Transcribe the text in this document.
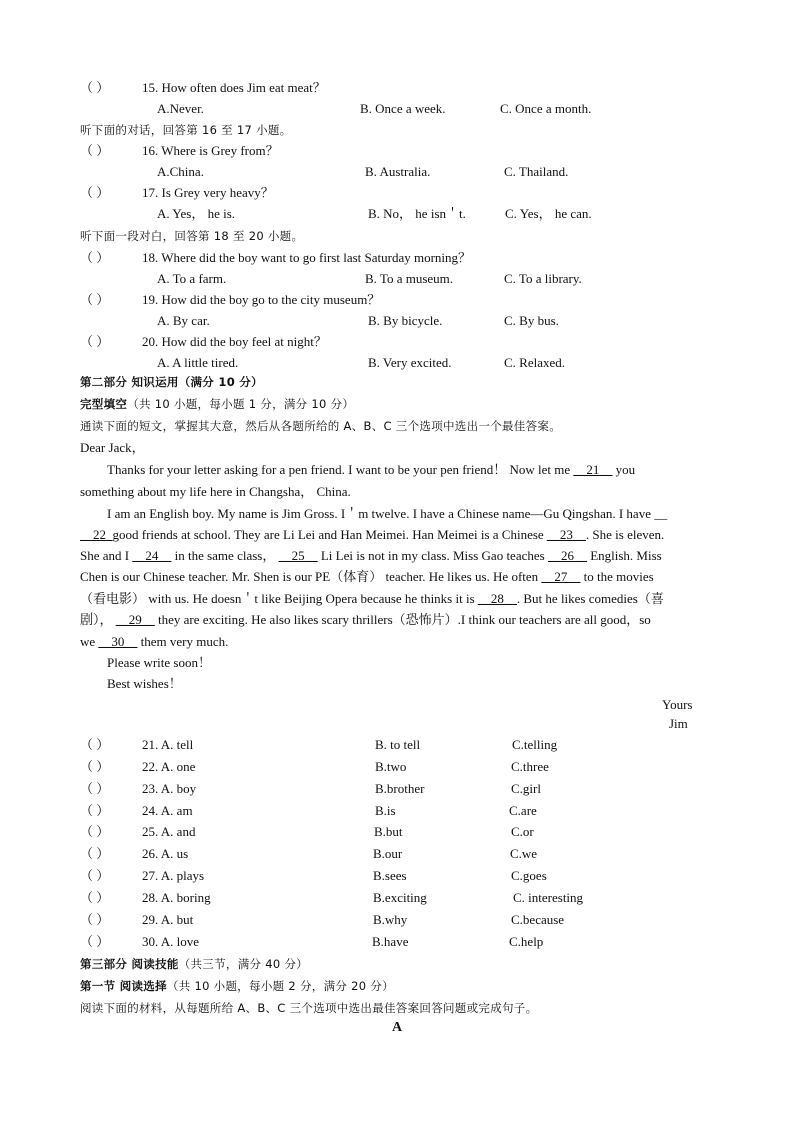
（ ）	15. How often does Jim eat meat？
A.Never.	B. Once a week.	C. Once a month.
听下面的对话，回答第 16 至 17 小题。
（ ）	16. Where is Grey from？
A.China.	B. Australia.	C. Thailand.
（ ）	17. Is Grey very heavy？
A. Yes， he is.	B. No， he isn＇t.	C. Yes， he can.
听下面一段对白，回答第 18 至 20 小题。
（ ）	18. Where did the boy want to go first last Saturday morning？
A. To a farm.	B. To a museum.	C. To a library.
（ ）	19. How did the boy go to the city museum？
A. By car.	B. By bicycle.	C. By bus.
（ ）	20. How did the boy feel at night？
A. A little tired.	B. Very excited.	C. Relaxed.
第二部分 知识运用（满分 10 分）
完型填空（共 10 小题，每小题 1 分，满分 10 分）
通读下面的短文，掌握其大意，然后从各题所给的 A、B、C 三个选项中选出一个最佳答案。
Dear Jack，
Thanks for your letter asking for a pen friend. I want to be your pen friend！ Now let me __21__ you
something about my life here in Changsha， China.
I am an English boy. My name is Jim Gross. I＇m twelve. I have a Chinese name—Gu Qingshan. I have __
__22_good friends at school. They are Li Lei and Han Meimei. Han Meimei is a Chinese __23__. She is eleven.
She and I __24__ in the same class， __25__ Li Lei is not in my class. Miss Gao teaches __26__ English. Miss
Chen is our Chinese teacher. Mr. Shen is our PE（体育） teacher. He likes us. He often __27__ to the movies
（看电影） with us. He doesn＇t like Beijing Opera because he thinks it is __28__. But he likes comedies（喜
剧）， __29__ they are exciting. He also likes scary thrillers（恐怖片）.I think our teachers are all good，so
we __30__ them very much.
Please write soon！
Best wishes！
Yours
Jim
（ ）	21. A. tell	B. to tell	C.telling
（ ）	22. A. one	B.two	C.three
（ ）	23. A. boy	B.brother	C.girl
（ ）	24. A. am	B.is	C.are
（ ）	25. A. and	B.but	C.or
（ ）	26. A. us	B.our	C.we
（ ）	27. A. plays	B.sees	C.goes
（ ）	28. A. boring	B.exciting	C. interesting
（ ）	29. A. but	B.why	C.because
（ ）	30. A. love	B.have	C.help
第三部分 阅读技能（共三节，满分 40 分）
第一节 阅读选择（共 10 小题，每小题 2 分，满分 20 分）
阅读下面的材料，从每题所给 A、B、C 三个选项中选出最佳答案回答问题或完成句子。
A
